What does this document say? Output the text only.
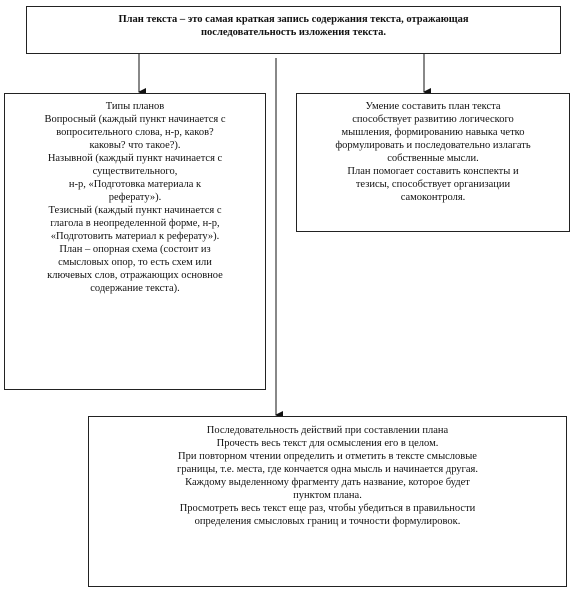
План текста – это самая краткая запись содержания текста, отражающая
последовательность изложения текста.
Типы планов
Вопросный (каждый пункт начинается с
вопросительного слова, н-р, каков?
каковы? что такое?).
Назывной (каждый пункт начинается с
существительного,
н-р, «Подготовка материала к
реферату»).
Тезисный (каждый пункт начинается с
глагола в неопределенной форме, н-р,
«Подготовить материал к реферату»).
План – опорная схема (состоит из
смысловых опор, то есть схем или
ключевых слов, отражающих основное
содержание текста).
Умение составить план текста
способствует развитию логического
мышления, формированию навыка четко
формулировать и последовательно излагать
собственные мысли.
План помогает составить конспекты и
тезисы, способствует организации
самоконтроля.
Последовательность действий при составлении плана
Прочесть весь текст для осмысления его в целом.
При повторном чтении определить и отметить в тексте смысловые
границы, т.е. места, где кончается одна мысль и начинается другая.
Каждому выделенному фрагменту дать название, которое будет
пунктом плана.
Просмотреть весь текст еще раз, чтобы убедиться в правильности
определения смысловых границ и точности формулировок.
